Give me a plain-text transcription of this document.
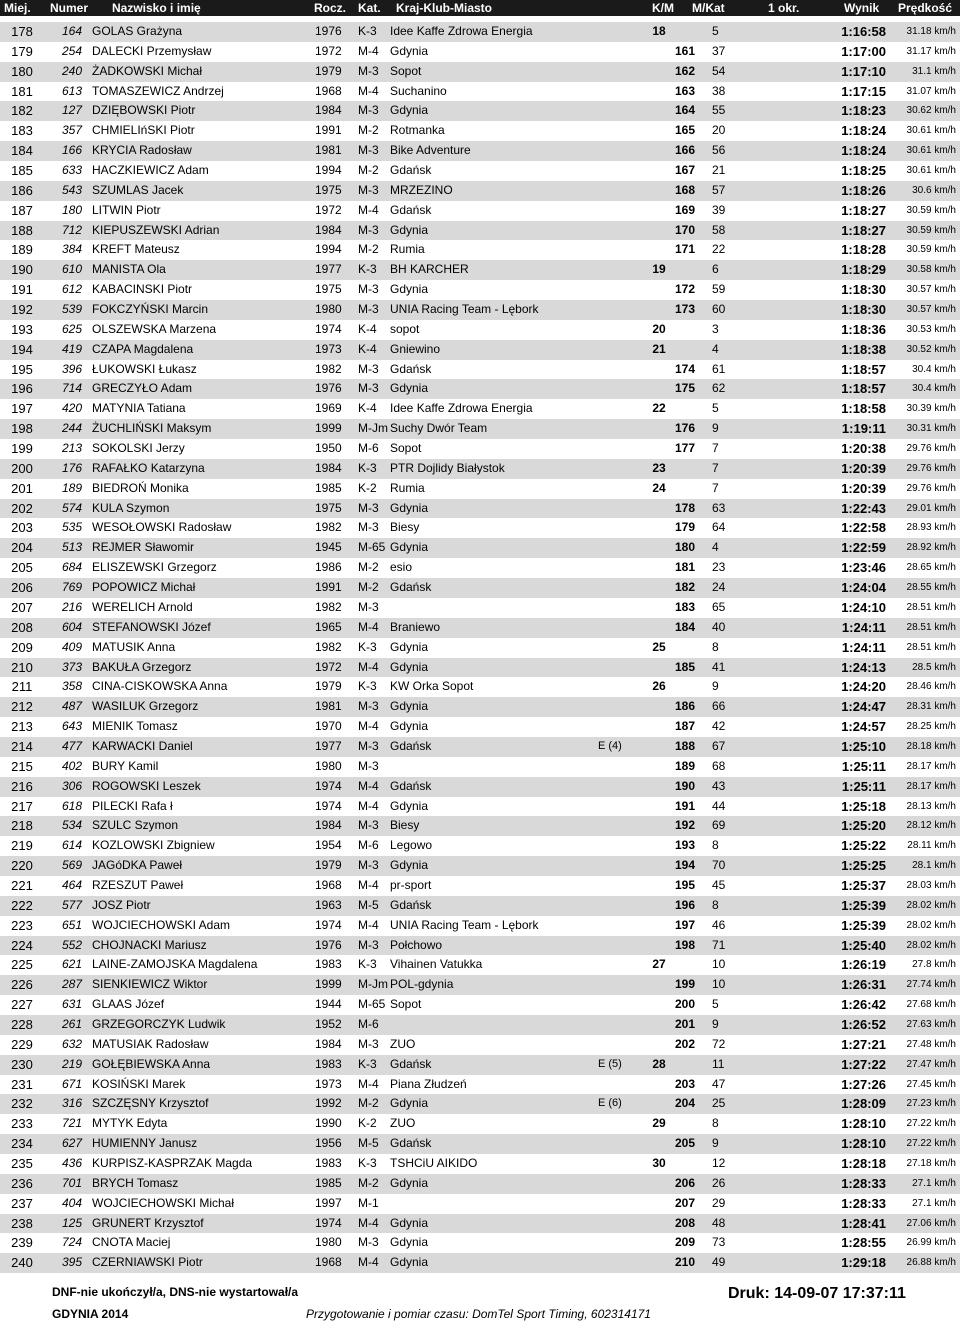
Miej. Numer Nazwisko i imię	Rocz. Kat. Kraj-Klub-Miasto	K/M M/Kat	1 okr.	Wynik Prędkość
178	164 GOLAS Grażyna	1976 K-3 Idee Kaffe Zdrowa Energia	18	5	1:16:58	31.18 km/h
179	254 DALECKI Przemysław	1972 M-4 Gdynia	161	37	1:17:00	31.17 km/h
180	240 ŻADKOWSKI Michał	1979 M-3 Sopot	162	54	1:17:10	31.1 km/h
181	613 TOMASZEWICZ Andrzej	1968 M-4 Suchanino	163	38	1:17:15	31.07 km/h
182	127 DZIĘBOWSKI Piotr	1984 M-3 Gdynia	164	55	1:18:23	30.62 km/h
183	357 CHMIELIńSKI Piotr	1991 M-2 Rotmanka	165	20	1:18:24	30.61 km/h
184	166 KRYCIA Radosław	1981 M-3 Bike Adventure	166	56	1:18:24	30.61 km/h
185	633 HACZKIEWICZ Adam	1994 M-2 Gdańsk	167	21	1:18:25	30.61 km/h
186	543 SZUMLAS Jacek	1975 M-3 MRZEZINO	168	57	1:18:26	30.6 km/h
187	180 LITWIN Piotr	1972 M-4 Gdańsk	169	39	1:18:27	30.59 km/h
188	712 KIEPUSZEWSKI Adrian	1984 M-3 Gdynia	170	58	1:18:27	30.59 km/h
189	384 KREFT Mateusz	1994 M-2 Rumia	171	22	1:18:28	30.59 km/h
190	610 MANISTA Ola	1977 K-3 BH KARCHER	19	6	1:18:29	30.58 km/h
191	612 KABACINSKI Piotr	1975 M-3 Gdynia	172	59	1:18:30	30.57 km/h
192	539 FOKCZYŃSKI Marcin	1980 M-3 UNIA Racing Team - Lębork	173	60	1:18:30	30.57 km/h
193	625 OLSZEWSKA Marzena	1974 K-4 sopot	20	3	1:18:36	30.53 km/h
194	419 CZAPA Magdalena	1973 K-4 Gniewino	21	4	1:18:38	30.52 km/h
195	396 ŁUKOWSKI Łukasz	1982 M-3 Gdańsk	174	61	1:18:57	30.4 km/h
196	714 GRECZYŁO Adam	1976 M-3 Gdynia	175	62	1:18:57	30.4 km/h
197	420 MATYNIA Tatiana	1969 K-4 Idee Kaffe Zdrowa Energia	22	5	1:18:58	30.39 km/h
198	244 ŻUCHLIŃSKI Maksym	1999 M-Jm Suchy Dwór Team	176	9	1:19:11	30.31 km/h
199	213 SOKOLSKI Jerzy	1950 M-6 Sopot	177	7	1:20:38	29.76 km/h
200	176 RAFAŁKO Katarzyna	1984 K-3 PTR Dojlidy Białystok	23	7	1:20:39	29.76 km/h
201	189 BIEDROŃ Monika	1985 K-2 Rumia	24	7	1:20:39	29.76 km/h
202	574 KULA Szymon	1975 M-3 Gdynia	178	63	1:22:43	29.01 km/h
203	535 WESOŁOWSKI Radosław	1982 M-3 Biesy	179	64	1:22:58	28.93 km/h
204	513 REJMER Sławomir	1945 M-65 Gdynia	180	4	1:22:59	28.92 km/h
205	684 ELISZEWSKI Grzegorz	1986 M-2 esio	181	23	1:23:46	28.65 km/h
206	769 POPOWICZ Michał	1991 M-2 Gdańsk	182	24	1:24:04	28.55 km/h
207	216 WERELICH Arnold	1982 M-3	183	65	1:24:10	28.51 km/h
208	604 STEFANOWSKI Józef	1965 M-4 Braniewo	184	40	1:24:11	28.51 km/h
209	409 MATUSIK Anna	1982 K-3 Gdynia	25	8	1:24:11	28.51 km/h
210	373 BAKUŁA Grzegorz	1972 M-4 Gdynia	185	41	1:24:13	28.5 km/h
211	358 CINA-CISKOWSKA Anna	1979 K-3 KW Orka Sopot	26	9	1:24:20	28.46 km/h
212	487 WASILUK Grzegorz	1981 M-3 Gdynia	186	66	1:24:47	28.31 km/h
213	643 MIENIK Tomasz	1970 M-4 Gdynia	187	42	1:24:57	28.25 km/h
214	477 KARWACKI Daniel	1977 M-3 Gdańsk	E (4)	188	67	1:25:10	28.18 km/h
215	402 BURY Kamil	1980 M-3	189	68	1:25:11	28.17 km/h
216	306 ROGOWSKI Leszek	1974 M-4 Gdańsk	190	43	1:25:11	28.17 km/h
217	618 PILECKI Rafa ł	1974 M-4 Gdynia	191	44	1:25:18	28.13 km/h
218	534 SZULC Szymon	1984 M-3 Biesy	192	69	1:25:20	28.12 km/h
219	614 KOZLOWSKI Zbigniew	1954 M-6 Legowo	193	8	1:25:22	28.11 km/h
220	569 JAGóDKA Paweł	1979 M-3 Gdynia	194	70	1:25:25	28.1 km/h
221	464 RZESZUT Paweł	1968 M-4 pr-sport	195	45	1:25:37	28.03 km/h
222	577 JOSZ Piotr	1963 M-5 Gdańsk	196	8	1:25:39	28.02 km/h
223	651 WOJCIECHOWSKI Adam	1974 M-4 UNIA Racing Team - Lębork	197	46	1:25:39	28.02 km/h
224	552 CHOJNACKI Mariusz	1976 M-3 Połchowo	198	71	1:25:40	28.02 km/h
225	621 LAINE-ZAMOJSKA Magdalena	1983 K-3 Vihainen Vatukka	27	10	1:26:19	27.8 km/h
226	287 SIENKIEWICZ Wiktor	1999 M-Jm POL-gdynia	199	10	1:26:31	27.74 km/h
227	631 GLAAS Józef	1944 M-65 Sopot	200	5	1:26:42	27.68 km/h
228	261 GRZEGORCZYK Ludwik	1952 M-6	201	9	1:26:52	27.63 km/h
229	632 MATUSIAK Radosław	1984 M-3 ZUO	202	72	1:27:21	27.48 km/h
230	219 GOŁĘBIEWSKA Anna	1983 K-3 Gdańsk	E (5)	28	11	1:27:22	27.47 km/h
231	671 KOSIŃSKI Marek	1973 M-4 Piana Złudzeń	203	47	1:27:26	27.45 km/h
232	316 SZCZĘSNY Krzysztof	1992 M-2 Gdynia	E (6)	204	25	1:28:09	27.23 km/h
233	721 MYTYK Edyta	1990 K-2 ZUO	29	8	1:28:10	27.22 km/h
234	627 HUMIENNY Janusz	1956 M-5 Gdańsk	205	9	1:28:10	27.22 km/h
235	436 KURPISZ-KASPRZAK Magda	1983 K-3 TSHCiU AIKIDO	30	12	1:28:18	27.18 km/h
236	701 BRYCH Tomasz	1985 M-2 Gdynia	206	26	1:28:33	27.1 km/h
237	404 WOJCIECHOWSKI Michał	1997 M-1	207	29	1:28:33	27.1 km/h
238	125 GRUNERT Krzysztof	1974 M-4 Gdynia	208	48	1:28:41	27.06 km/h
239	724 CNOTA Maciej	1980 M-3 Gdynia	209	73	1:28:55	26.99 km/h
240	395 CZERNIAWSKI Piotr	1968 M-4 Gdynia	210	49	1:29:18	26.88 km/h
DNF-nie ukończył/a, DNS-nie wystartował/a
GDYNIA 2014	Przygotowanie i pomiar czasu: DomTel Sport Timing, 602314171
Druk: 14-09-07 17:37:11
